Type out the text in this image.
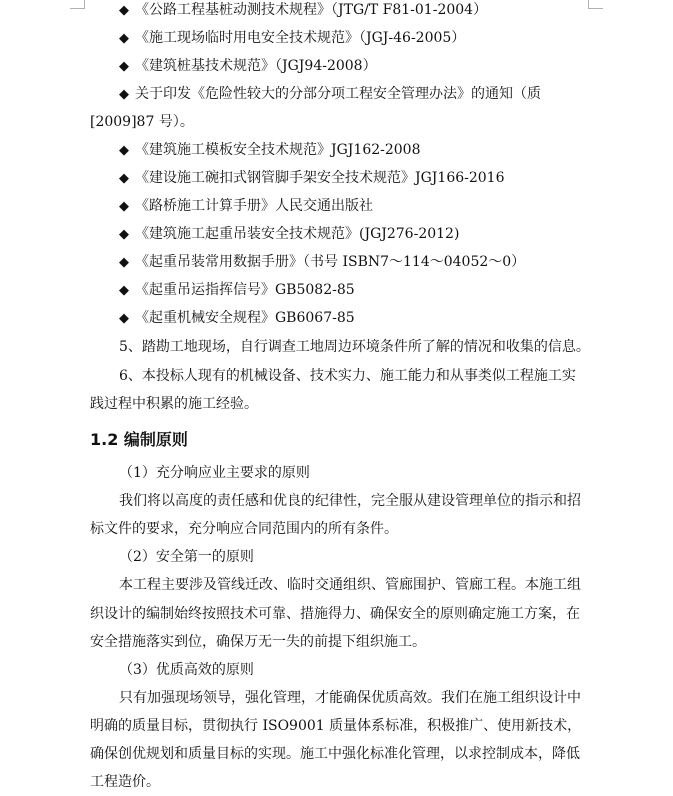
◆ 《公路工程基桩动测技术规程》（JTG/T F81-01-2004）
◆ 《施工现场临时用电安全技术规范》（JGJ-46-2005）
◆ 《建筑桩基技术规范》（JGJ94-2008）
◆ 关于印发《危险性较大的分部分项工程安全管理办法》的通知（质
[2009]87 号）。
◆ 《建筑施工模板安全技术规范》JGJ162-2008
◆ 《建设施工碗扣式钢管脚手架安全技术规范》JGJ166-2016
◆ 《路桥施工计算手册》人民交通出版社
◆ 《建筑施工起重吊装安全技术规范》(JGJ276-2012)
◆ 《起重吊装常用数据手册》（书号 ISBN7～114～04052～0）
◆ 《起重吊运指挥信号》GB5082-85
◆ 《起重机械安全规程》GB6067-85
5、踏勘工地现场，自行调查工地周边环境条件所了解的情况和收集的信息。
6、本投标人现有的机械设备、技术实力、施工能力和从事类似工程施工实
践过程中积累的施工经验。
1.2 编制原则
（1）充分响应业主要求的原则
我们将以高度的责任感和优良的纪律性，完全服从建设管理单位的指示和招
标文件的要求，充分响应合同范围内的所有条件。
（2）安全第一的原则
本工程主要涉及管线迁改、临时交通组织、管廊围护、管廊工程。本施工组
织设计的编制始终按照技术可靠、措施得力、确保安全的原则确定施工方案，在
安全措施落实到位，确保万无一失的前提下组织施工。
（3）优质高效的原则
只有加强现场领导，强化管理，才能确保优质高效。我们在施工组织设计中
明确的质量目标，贯彻执行 ISO9001 质量体系标准，积极推广、使用新技术，
确保创优规划和质量目标的实现。施工中强化标准化管理，以求控制成本，降低
工程造价。
